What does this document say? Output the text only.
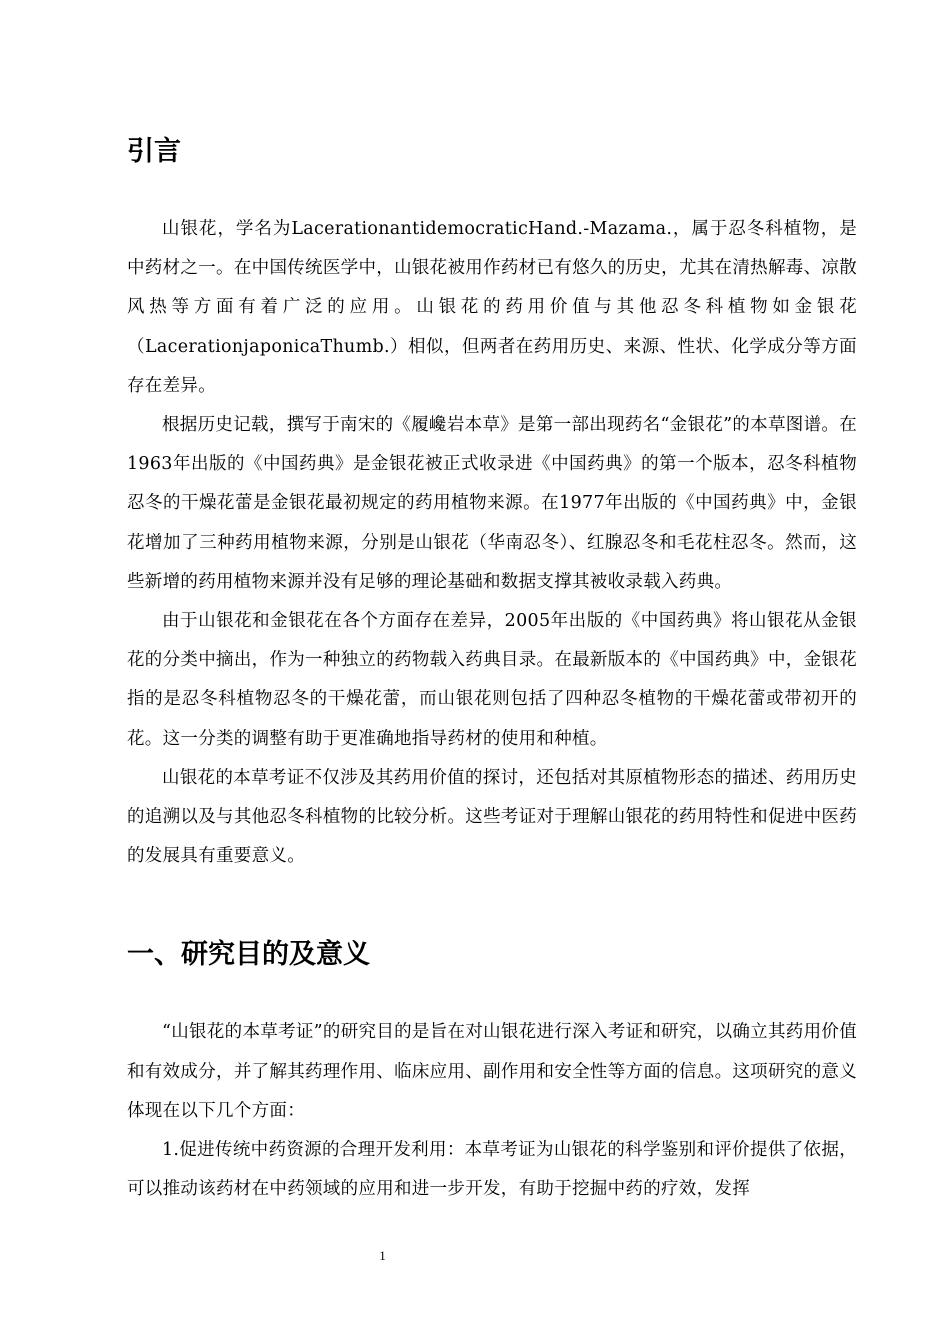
引言

山银花，学名为LacerationantidemocraticHand.-Mazama.，属于忍冬科植物，是中药材之一。在中国传统医学中，山银花被用作药材已有悠久的历史，尤其在清热解毒、凉散风热等方面有着广泛的应用。山银花的药用价值与其他忍冬科植物如金银花（LacerationjaponicaThumb.）相似，但两者在药用历史、来源、性状、化学成分等方面存在差异。

根据历史记载，撰写于南宋的《履巉岩本草》是第一部出现药名“金银花”的本草图谱。在1963年出版的《中国药典》是金银花被正式收录进《中国药典》的第一个版本，忍冬科植物忍冬的干燥花蕾是金银花最初规定的药用植物来源。在1977年出版的《中国药典》中，金银花增加了三种药用植物来源，分别是山银花（华南忍冬）、红腺忍冬和毛花柱忍冬。然而，这些新增的药用植物来源并没有足够的理论基础和数据支撑其被收录载入药典。

由于山银花和金银花在各个方面存在差异，2005年出版的《中国药典》将山银花从金银花的分类中摘出，作为一种独立的药物载入药典目录。在最新版本的《中国药典》中，金银花指的是忍冬科植物忍冬的干燥花蕾，而山银花则包括了四种忍冬植物的干燥花蕾或带初开的花。这一分类的调整有助于更准确地指导药材的使用和种植。

山银花的本草考证不仅涉及其药用价值的探讨，还包括对其原植物形态的描述、药用历史的追溯以及与其他忍冬科植物的比较分析。这些考证对于理解山银花的药用特性和促进中医药的发展具有重要意义。

一、研究目的及意义

“山银花的本草考证”的研究目的是旨在对山银花进行深入考证和研究，以确立其药用价值和有效成分，并了解其药理作用、临床应用、副作用和安全性等方面的信息。这项研究的意义体现在以下几个方面：

1.促进传统中药资源的合理开发利用：本草考证为山银花的科学鉴别和评价提供了依据，可以推动该药材在中药领域的应用和进一步开发，有助于挖掘中药的疗效，发挥

1
